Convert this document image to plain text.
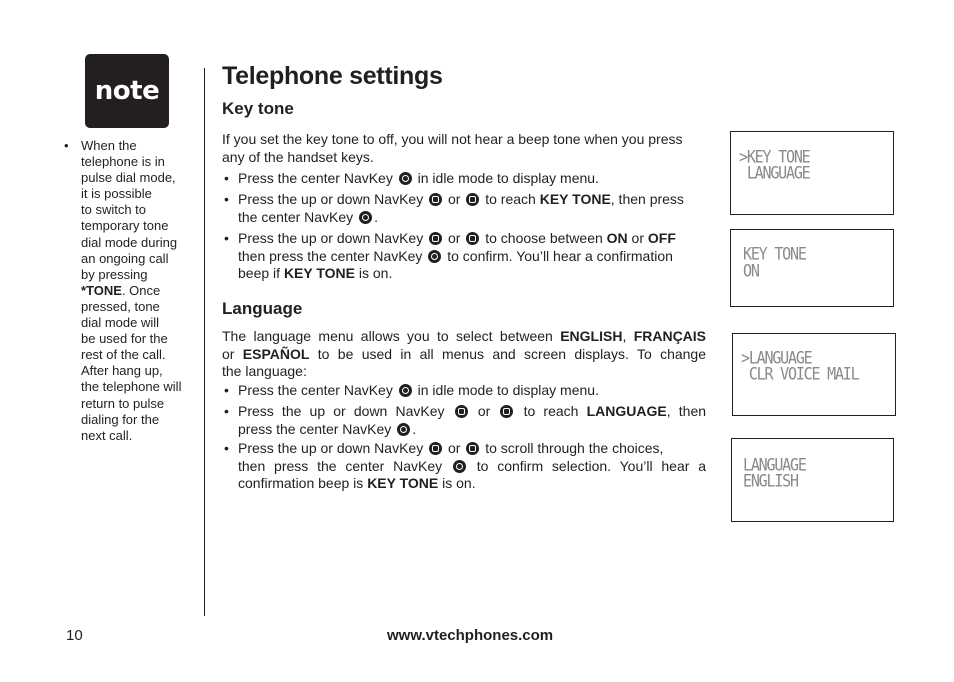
note
• When the
telephone is in
pulse dial mode,
it is possible
to switch to
temporary tone
dial mode during
an ongoing call
by pressing
*TONE. Once
pressed, tone
dial mode will
be used for the
rest of the call.
After hang up,
the telephone will
return to pulse
dialing for the
next call.
Telephone settings
Key tone
If you set the key tone to off, you will not hear a beep tone when you press
any of the handset keys.
• Press the center NavKey in idle mode to display menu.
• Press the up or down NavKey or to reach KEY TONE, then press
the center NavKey .
• Press the up or down NavKey or to choose between ON or OFF
then press the center NavKey to confirm. You’ll hear a confirmation
beep if KEY TONE is on.
Language
The language menu allows you to select between ENGLISH, FRANÇAIS
or ESPAÑOL to be used in all menus and screen displays. To change
the language:
• Press the center NavKey in idle mode to display menu.
• Press the up or down NavKey or to reach LANGUAGE, then
press the center NavKey .
• Press the up or down NavKey or to scroll through the choices,
then press the center NavKey to confirm selection. You’ll hear a
confirmation beep is KEY TONE is on.
>KEY TONE
LANGUAGE
KEY TONE
ON
>LANGUAGE
CLR VOICE MAIL
LANGUAGE
ENGLISH
10	www.vtechphones.com
